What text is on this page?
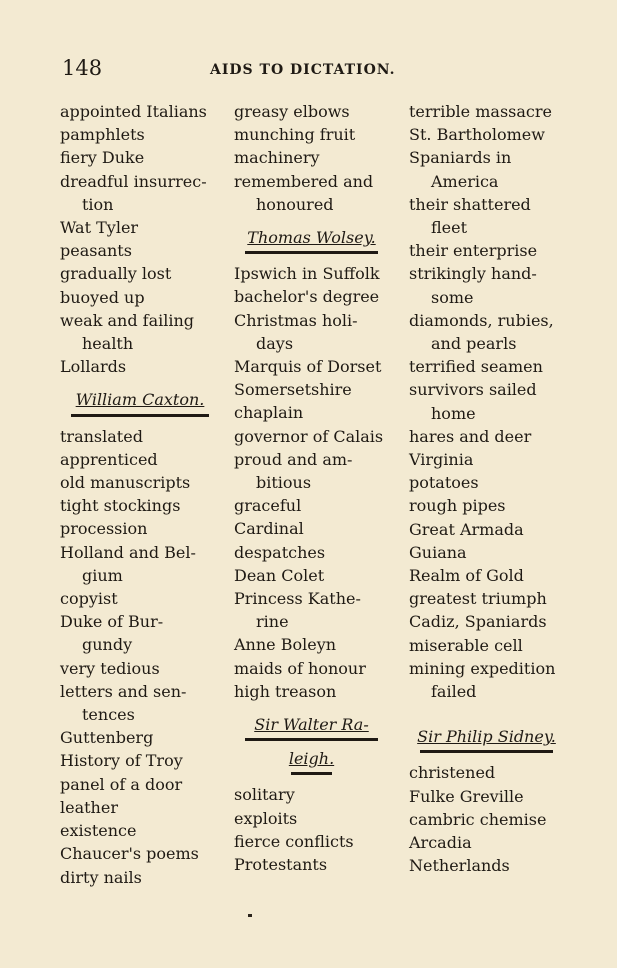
148	AIDS TO DICTATION.
appointed Italians
pamphlets
fiery Duke
dreadful insurrec-
tion
Wat Tyler
peasants
gradually lost
buoyed up
weak and failing
health
Lollards
William Caxton.
translated
apprenticed
old manuscripts
tight stockings
procession
Holland and Bel-
gium
copyist
Duke of Bur-
gundy
very tedious
letters and sen-
tences
Guttenberg
History of Troy
panel of a door
leather
existence
Chaucer's poems
dirty nails
greasy elbows
munching fruit
machinery
remembered and
honoured
Thomas Wolsey.
Ipswich in Suffolk
bachelor's degree
Christmas holi-
days
Marquis of Dorset
Somersetshire
chaplain
governor of Calais
proud and am-
bitious
graceful
Cardinal
despatches
Dean Colet
Princess Kathe-
rine
Anne Boleyn
maids of honour
high treason
Sir Walter Ra-
leigh.
solitary
exploits
fierce conflicts
Protestants
terrible massacre
St. Bartholomew
Spaniards in
America
their shattered
fleet
their enterprise
strikingly hand-
some
diamonds, rubies,
and pearls
terrified seamen
survivors sailed
home
hares and deer
Virginia
potatoes
rough pipes
Great Armada
Guiana
Realm of Gold
greatest triumph
Cadiz, Spaniards
miserable cell
mining expedition
failed
Sir Philip Sidney.
christened
Fulke Greville
cambric chemise
Arcadia
Netherlands
